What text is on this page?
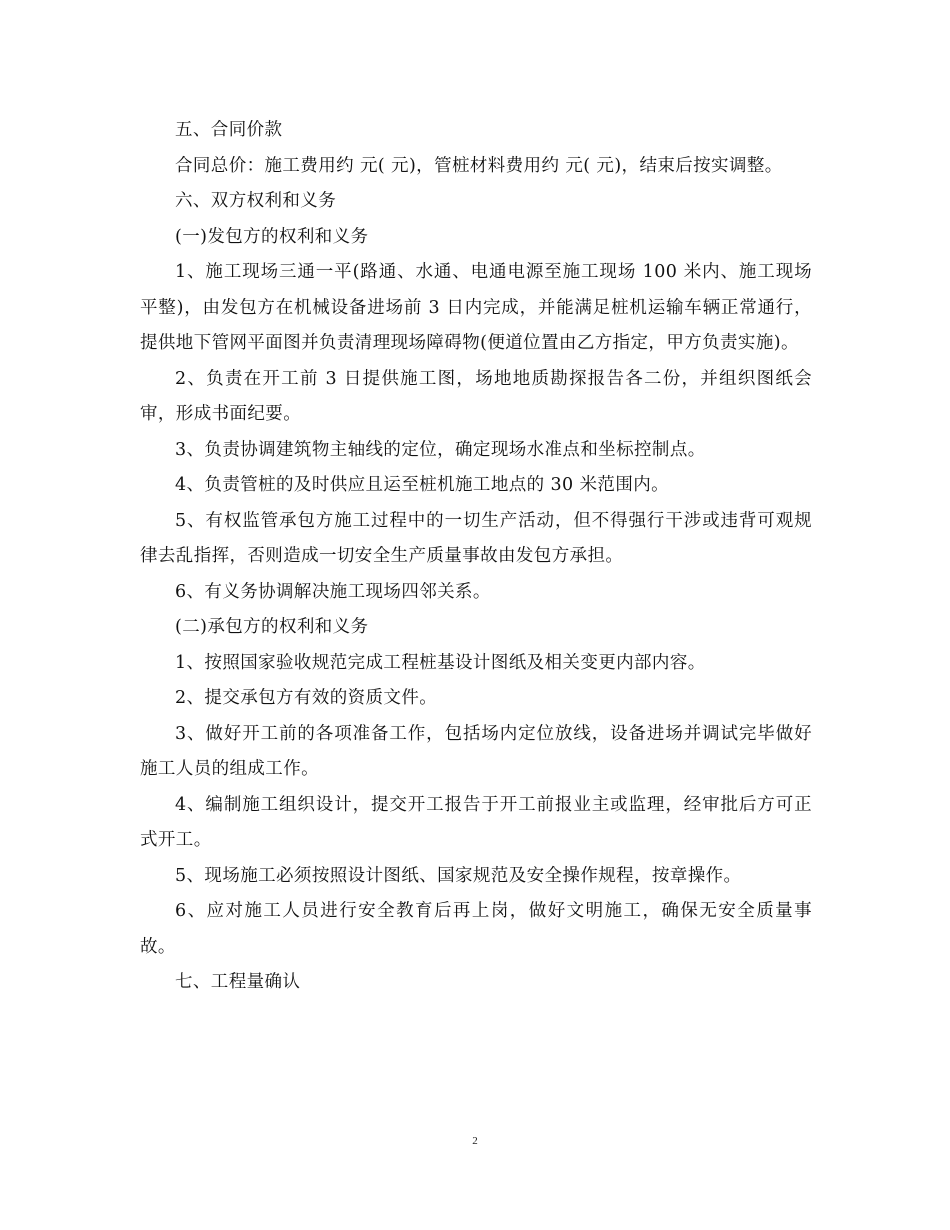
五、合同价款

合同总价：施工费用约 元( 元)，管桩材料费用约 元( 元)，结束后按实调整。

六、双方权利和义务

(一)发包方的权利和义务

1、施工现场三通一平(路通、水通、电通电源至施工现场 100 米内、施工现场平整)，由发包方在机械设备进场前 3 日内完成，并能满足桩机运输车辆正常通行，提供地下管网平面图并负责清理现场障碍物(便道位置由乙方指定，甲方负责实施)。

2、负责在开工前 3 日提供施工图，场地地质勘探报告各二份，并组织图纸会审，形成书面纪要。

3、负责协调建筑物主轴线的定位，确定现场水准点和坐标控制点。

4、负责管桩的及时供应且运至桩机施工地点的 30 米范围内。

5、有权监管承包方施工过程中的一切生产活动，但不得强行干涉或违背可观规律去乱指挥，否则造成一切安全生产质量事故由发包方承担。

6、有义务协调解决施工现场四邻关系。

(二)承包方的权利和义务

1、按照国家验收规范完成工程桩基设计图纸及相关变更内部内容。

2、提交承包方有效的资质文件。

3、做好开工前的各项准备工作，包括场内定位放线，设备进场并调试完毕做好施工人员的组成工作。

4、编制施工组织设计，提交开工报告于开工前报业主或监理，经审批后方可正式开工。

5、现场施工必须按照设计图纸、国家规范及安全操作规程，按章操作。

6、应对施工人员进行安全教育后再上岗，做好文明施工，确保无安全质量事故。

七、工程量确认

2
